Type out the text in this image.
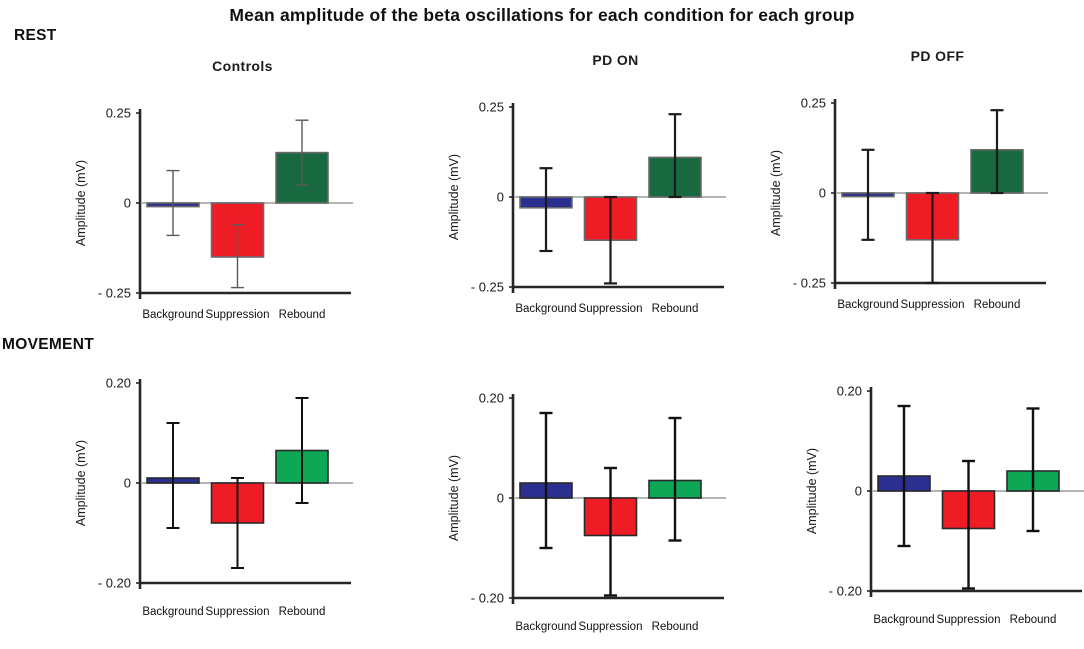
Mean amplitude of the beta oscillations for each condition for each group
REST
MOVEMENT
Controls
0.25
0
- 0.25
Amplitude (mV)
Background Suppression Rebound
PD ON
0.25
0
- 0.25
Amplitude (mV)
Background Suppression Rebound
PD OFF
0.25
0
- 0.25
Amplitude (mV)
Background Suppression Rebound
0.20
0
- 0.20
Amplitude (mV)
Background Suppression Rebound
0.20
0
- 0.20
Amplitude (mV)
Background Suppression Rebound
0.20
0
- 0.20
Amplitude (mV)
Background Suppression Rebound
